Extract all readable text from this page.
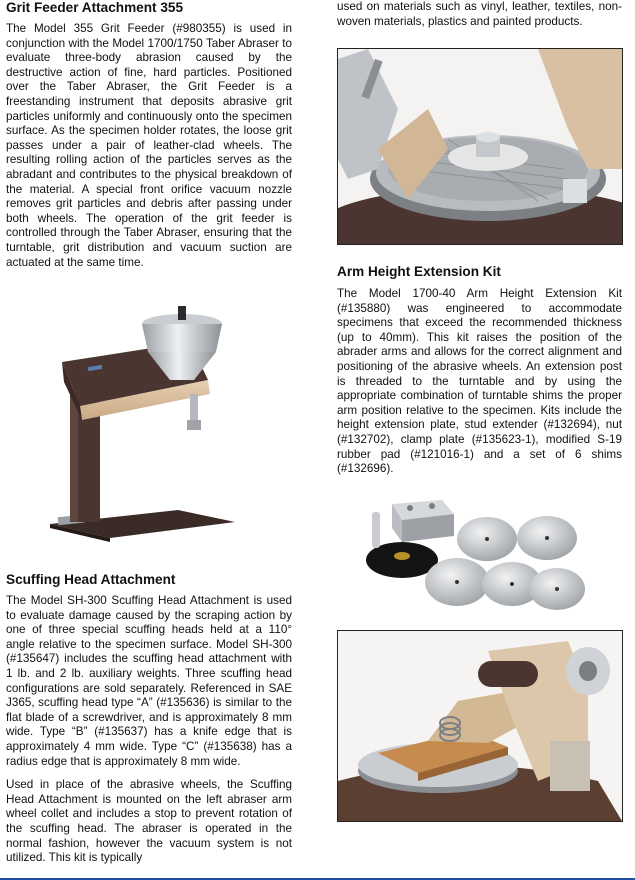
Grit Feeder Attachment 355

The Model 355 Grit Feeder (#980355) is used in conjunction with the Model 1700/1750 Taber Abraser to evaluate three-body abrasion caused by the destructive action of fine, hard particles. Positioned over the Taber Abraser, the Grit Feeder is a freestanding instrument that deposits abrasive grit particles uniformly and continuously onto the specimen surface. As the specimen holder rotates, the loose grit passes under a pair of leather-clad wheels. The resulting rolling action of the particles serves as the abradant and contributes to the physical breakdown of the material. A special front orifice vacuum nozzle removes grit particles and debris after passing under both wheels. The operation of the grit feeder is controlled through the Taber Abraser, ensuring that the turntable, grit distribution and vacuum suction are actuated at the same time.

Scuffing Head Attachment

The Model SH-300 Scuffing Head Attachment is used to evaluate damage caused by the scraping action by one of three special scuffing heads held at a 110° angle relative to the specimen surface. Model SH-300 (#135647) includes the scuffing head attachment with 1 lb. and 2 lb. auxiliary weights. Three scuffing head configurations are sold separately. Referenced in SAE J365, scuffing head type “A” (#135636) is similar to the flat blade of a screwdriver, and is approximately 8 mm wide. Type “B” (#135637) has a knife edge that is approximately 4 mm wide. Type “C” (#135638) has a radius edge that is approximately 8 mm wide.

Used in place of the abrasive wheels, the Scuffing Head Attachment is mounted on the left abraser arm wheel collet and includes a stop to prevent rotation of the scuffing head. The abraser is operated in the normal fashion, however the vacuum system is not utilized. This kit is typically

used on materials such as vinyl, leather, textiles, non-woven materials, plastics and painted products.

Arm Height Extension Kit

The Model 1700-40 Arm Height Extension Kit (#135880) was engineered to accommodate specimens that exceed the recommended thickness (up to 40mm). This kit raises the position of the abrader arms and allows for the correct alignment and positioning of the abrasive wheels. An extension post is threaded to the turntable and by using the appropriate combination of turntable shims the proper arm position relative to the specimen. Kits include the height extension plate, stud extender (#132694), nut (#132702), clamp plate (#135623-1), modified S-19 rubber pad (#121016-1) and a set of 6 shims (#132696).
